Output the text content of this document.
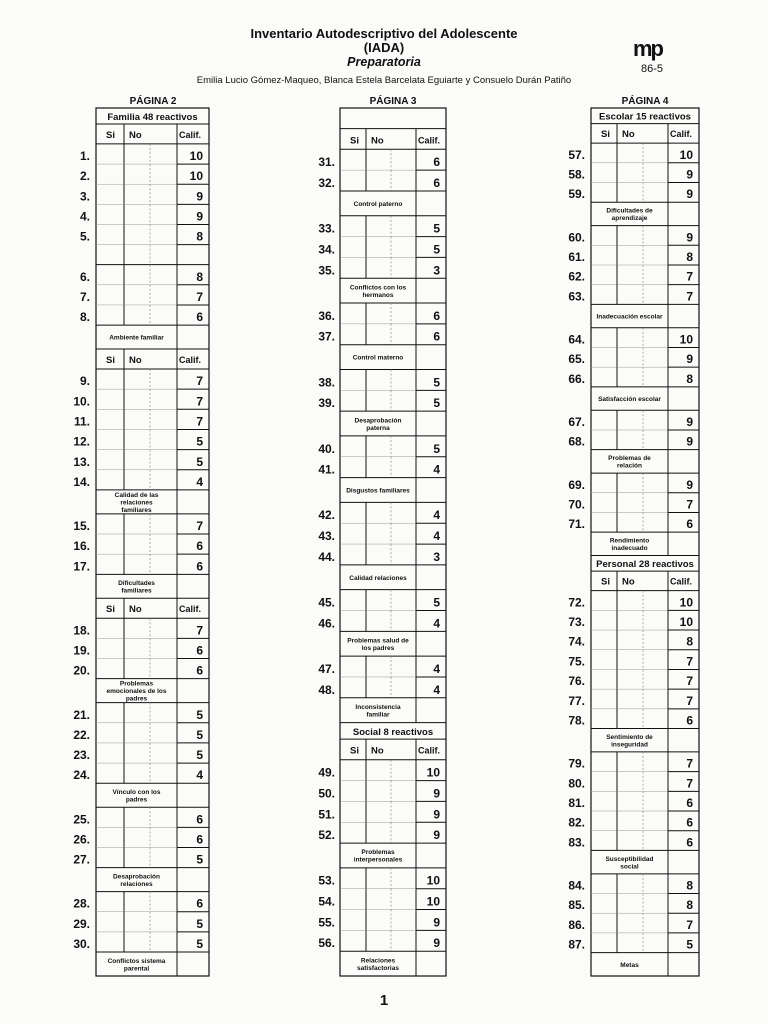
Inventario Autodescriptivo del Adolescente
(IADA)
Preparatoria
Emilia Lucio Gómez-Maqueo, Blanca Estela Barcelata Eguiarte y Consuelo Durán Patiño
mp
86-5
1
PÁGINA 2
Familia 48 reactivos
Si No	Calif.
1.	10
2.	10
3.	9
4.	9
5.	8
6.	8
7.	7
8.	6
Ambiente familiar
Si No	Calif.
9.	7
10.	7
11.	7
12.	5
13.	5
14.	4
Calidad de las relaciones familiares
15.	7
16.	6
17.	6
Dificultades familiares
Si No	Calif.
18.	7
19.	6
20.	6
Problemas emocionales de los padres
21.	5
22.	5
23.	5
24.	4
Vínculo con los padres
25.	6
26.	6
27.	5
Desaprobación relaciones
28.	6
29.	5
30.	5
Conflictos sistema parental
PÁGINA 3
Si No	Calif.
31.	6
32.	6
Control paterno
33.	5
34.	5
35.	3
Conflictos con los hermanos
36.	6
37.	6
Control materno
38.	5
39.	5
Desaprobación paterna
40.	5
41.	4
Disgustos familiares
42.	4
43.	4
44.	3
Calidad relaciones
45.	5
46.	4
Problemas salud de los padres
47.	4
48.	4
Inconsistencia familiar
Social 8 reactivos
Si No	Calif.
49.	10
50.	9
51.	9
52.	9
Problemas interpersonales
53.	10
54.	10
55.	9
56.	9
Relaciones satisfactorias
PÁGINA 4
Escolar 15 reactivos
Si No	Calif.
57.	10
58.	9
59.	9
Dificultades de aprendizaje
60.	9
61.	8
62.	7
63.	7
Inadecuación escolar
64.	10
65.	9
66.	8
Satisfacción escolar
67.	9
68.	9
Problemas de relación
69.	9
70.	7
71.	6
Rendimiento inadecuado
Personal 28 reactivos
Si No	Calif.
72.	10
73.	10
74.	8
75.	7
76.	7
77.	7
78.	6
Sentimiento de inseguridad
79.	7
80.	7
81.	6
82.	6
83.	6
Susceptibilidad social
84.	8
85.	8
86.	7
87.	5
Metas
